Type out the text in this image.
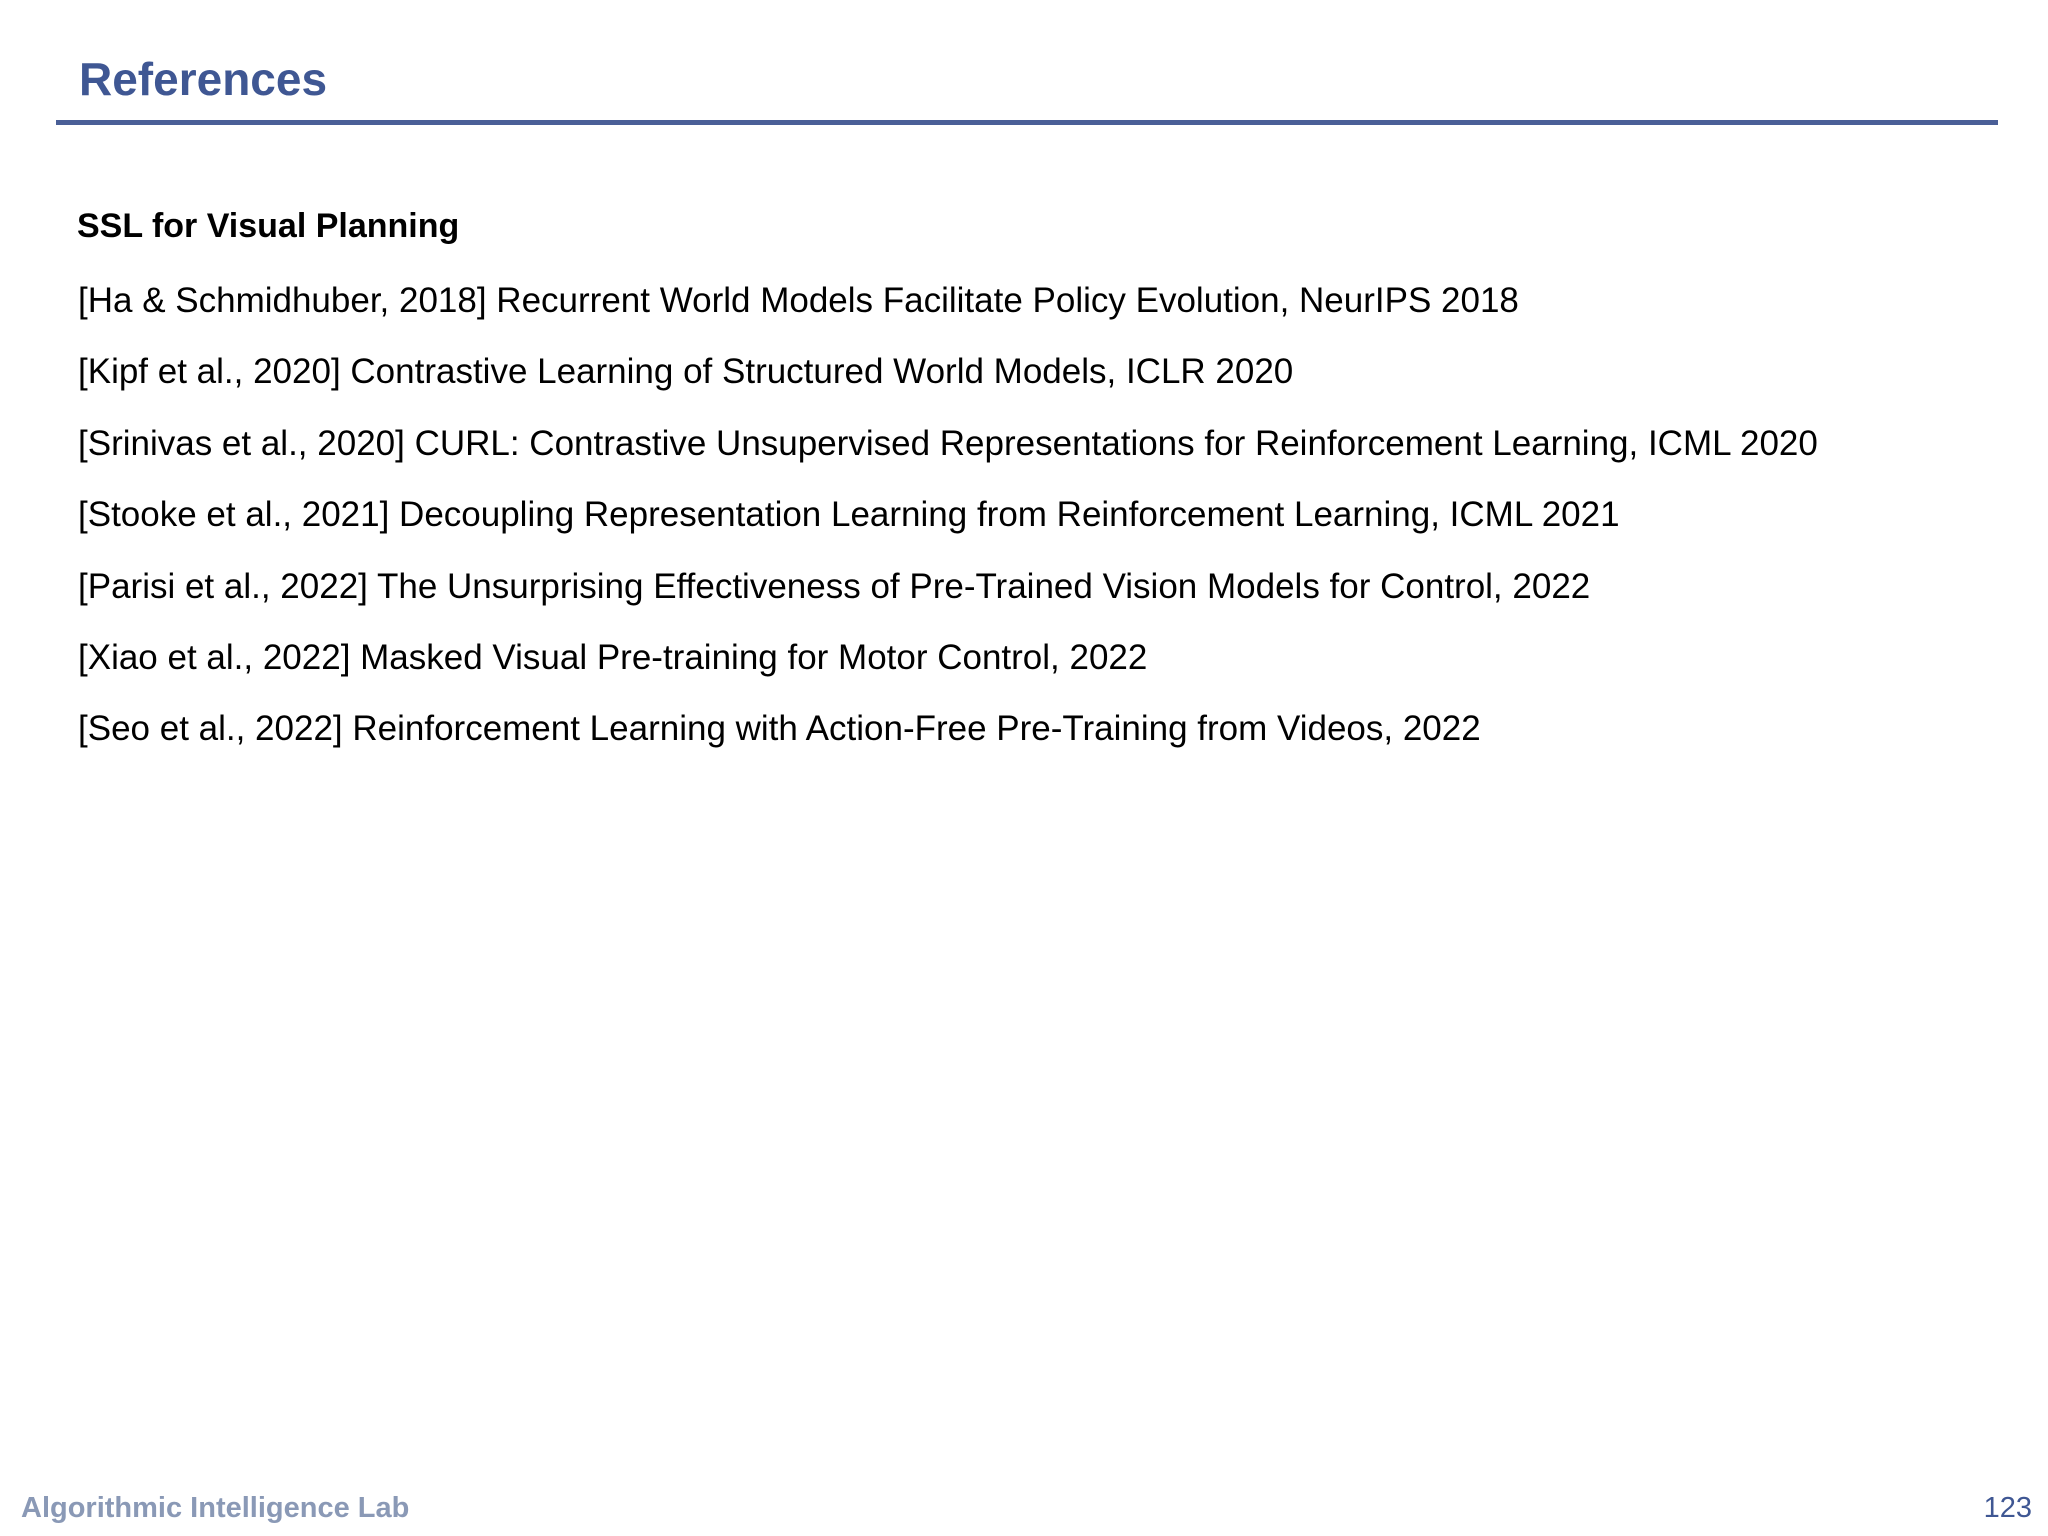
References
SSL for Visual Planning
[Ha & Schmidhuber, 2018] Recurrent World Models Facilitate Policy Evolution, NeurIPS 2018
[Kipf et al., 2020] Contrastive Learning of Structured World Models, ICLR 2020
[Srinivas et al., 2020] CURL: Contrastive Unsupervised Representations for Reinforcement Learning, ICML 2020
[Stooke et al., 2021] Decoupling Representation Learning from Reinforcement Learning, ICML 2021
[Parisi et al., 2022] The Unsurprising Effectiveness of Pre-Trained Vision Models for Control, 2022
[Xiao et al., 2022] Masked Visual Pre-training for Motor Control, 2022
[Seo et al., 2022] Reinforcement Learning with Action-Free Pre-Training from Videos, 2022
Algorithmic Intelligence Lab	123
